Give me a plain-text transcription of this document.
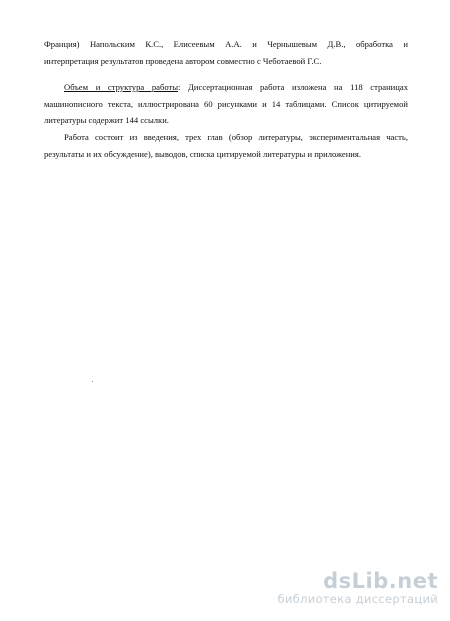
Франция) Напольским К.С., Елисеевым А.А. и Чернышевым Д.В., обработка и
интерпретация результатов проведена автором совместно с Чеботаевой Г.С.
Объем и структура работы: Диссертационная работа изложена на 118 страницах
машинописного текста, иллюстрирована 60 рисунками и 14 таблицами. Список цитируемой
литературы содержит 144 ссылки.
Работа состоит из введения, трех глав (обзор литературы, экспериментальная часть,
результаты и их обсуждение), выводов, списка цитируемой литературы и приложения.
dsLib.net
библиотека диссертаций
